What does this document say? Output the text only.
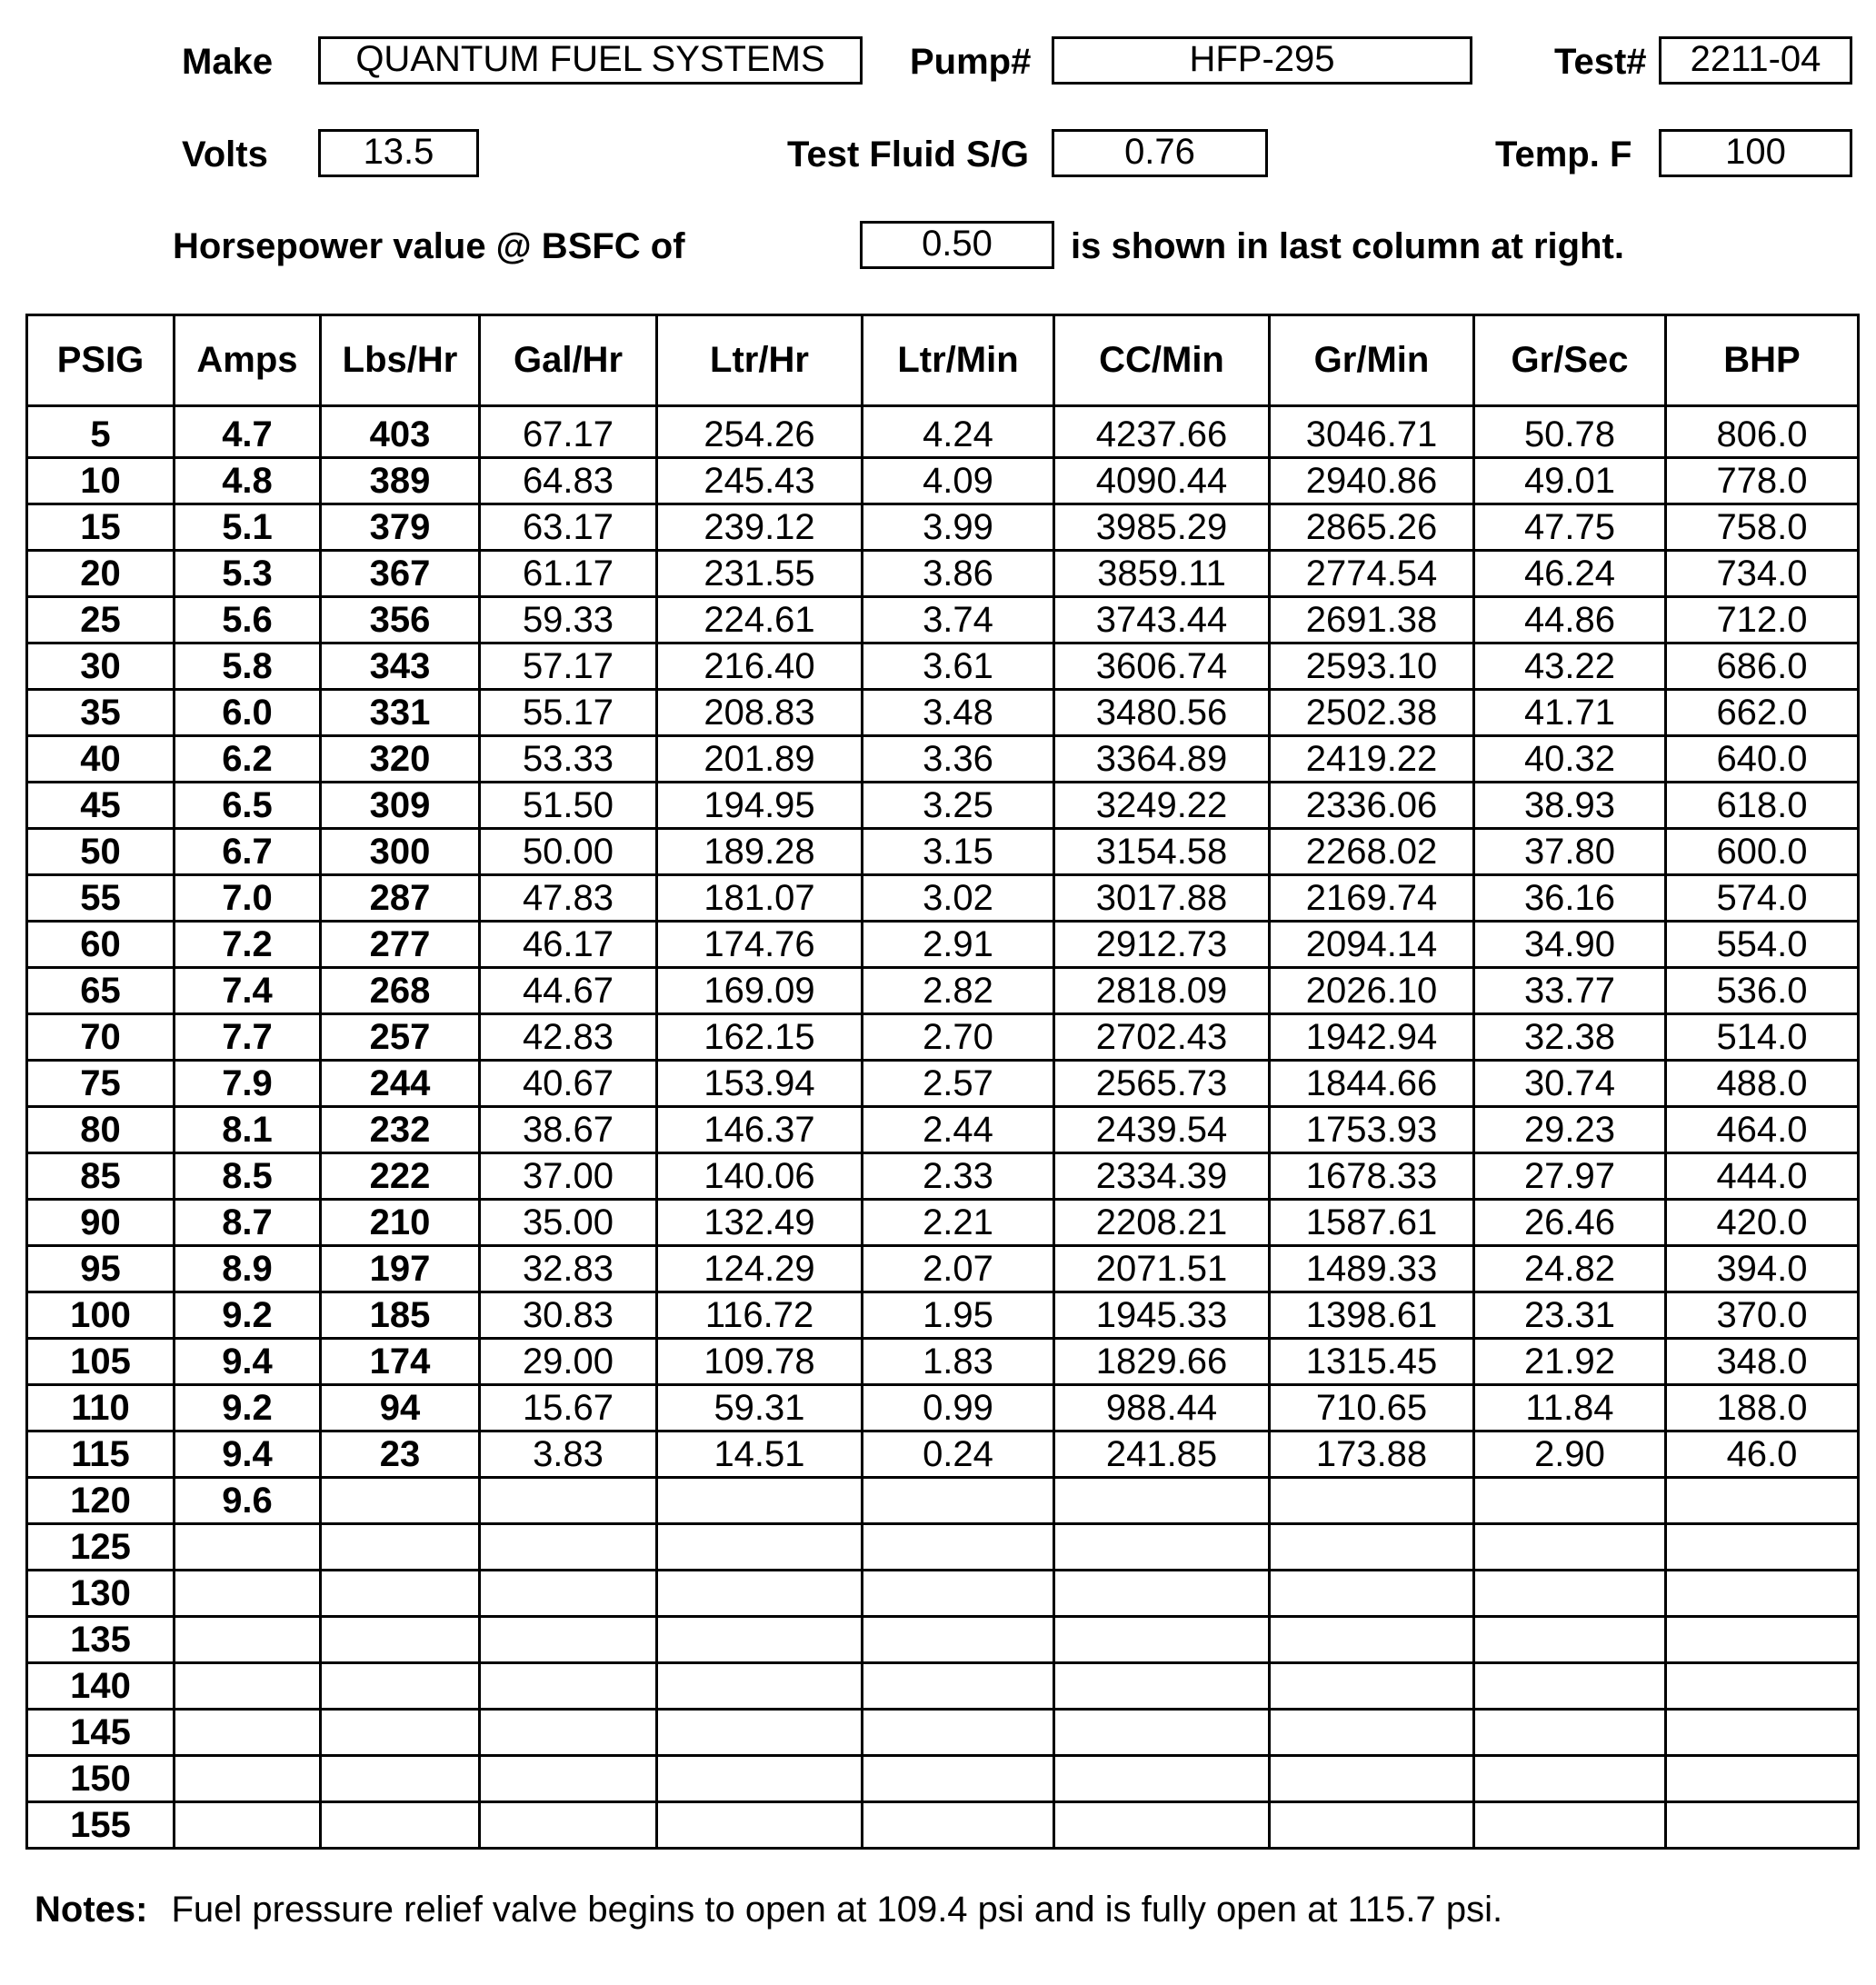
Make	QUANTUM FUEL SYSTEMS	Pump#	HFP-295	Test#	2211-04
Volts	13.5	Test Fluid S/G	0.76	Temp. F	100
Horsepower value @ BSFC of	0.50	is shown in last column at right.
PSIG	Amps	Lbs/Hr	Gal/Hr	Ltr/Hr	Ltr/Min	CC/Min	Gr/Min	Gr/Sec	BHP
5	4.7	403	67.17	254.26	4.24	4237.66	3046.71	50.78	806.0
10	4.8	389	64.83	245.43	4.09	4090.44	2940.86	49.01	778.0
15	5.1	379	63.17	239.12	3.99	3985.29	2865.26	47.75	758.0
20	5.3	367	61.17	231.55	3.86	3859.11	2774.54	46.24	734.0
25	5.6	356	59.33	224.61	3.74	3743.44	2691.38	44.86	712.0
30	5.8	343	57.17	216.40	3.61	3606.74	2593.10	43.22	686.0
35	6.0	331	55.17	208.83	3.48	3480.56	2502.38	41.71	662.0
40	6.2	320	53.33	201.89	3.36	3364.89	2419.22	40.32	640.0
45	6.5	309	51.50	194.95	3.25	3249.22	2336.06	38.93	618.0
50	6.7	300	50.00	189.28	3.15	3154.58	2268.02	37.80	600.0
55	7.0	287	47.83	181.07	3.02	3017.88	2169.74	36.16	574.0
60	7.2	277	46.17	174.76	2.91	2912.73	2094.14	34.90	554.0
65	7.4	268	44.67	169.09	2.82	2818.09	2026.10	33.77	536.0
70	7.7	257	42.83	162.15	2.70	2702.43	1942.94	32.38	514.0
75	7.9	244	40.67	153.94	2.57	2565.73	1844.66	30.74	488.0
80	8.1	232	38.67	146.37	2.44	2439.54	1753.93	29.23	464.0
85	8.5	222	37.00	140.06	2.33	2334.39	1678.33	27.97	444.0
90	8.7	210	35.00	132.49	2.21	2208.21	1587.61	26.46	420.0
95	8.9	197	32.83	124.29	2.07	2071.51	1489.33	24.82	394.0
100	9.2	185	30.83	116.72	1.95	1945.33	1398.61	23.31	370.0
105	9.4	174	29.00	109.78	1.83	1829.66	1315.45	21.92	348.0
110	9.2	94	15.67	59.31	0.99	988.44	710.65	11.84	188.0
115	9.4	23	3.83	14.51	0.24	241.85	173.88	2.90	46.0
120	9.6								
125									
130									
135									
140									
145									
150									
155									
Notes: Fuel pressure relief valve begins to open at 109.4 psi and is fully open at 115.7 psi.
